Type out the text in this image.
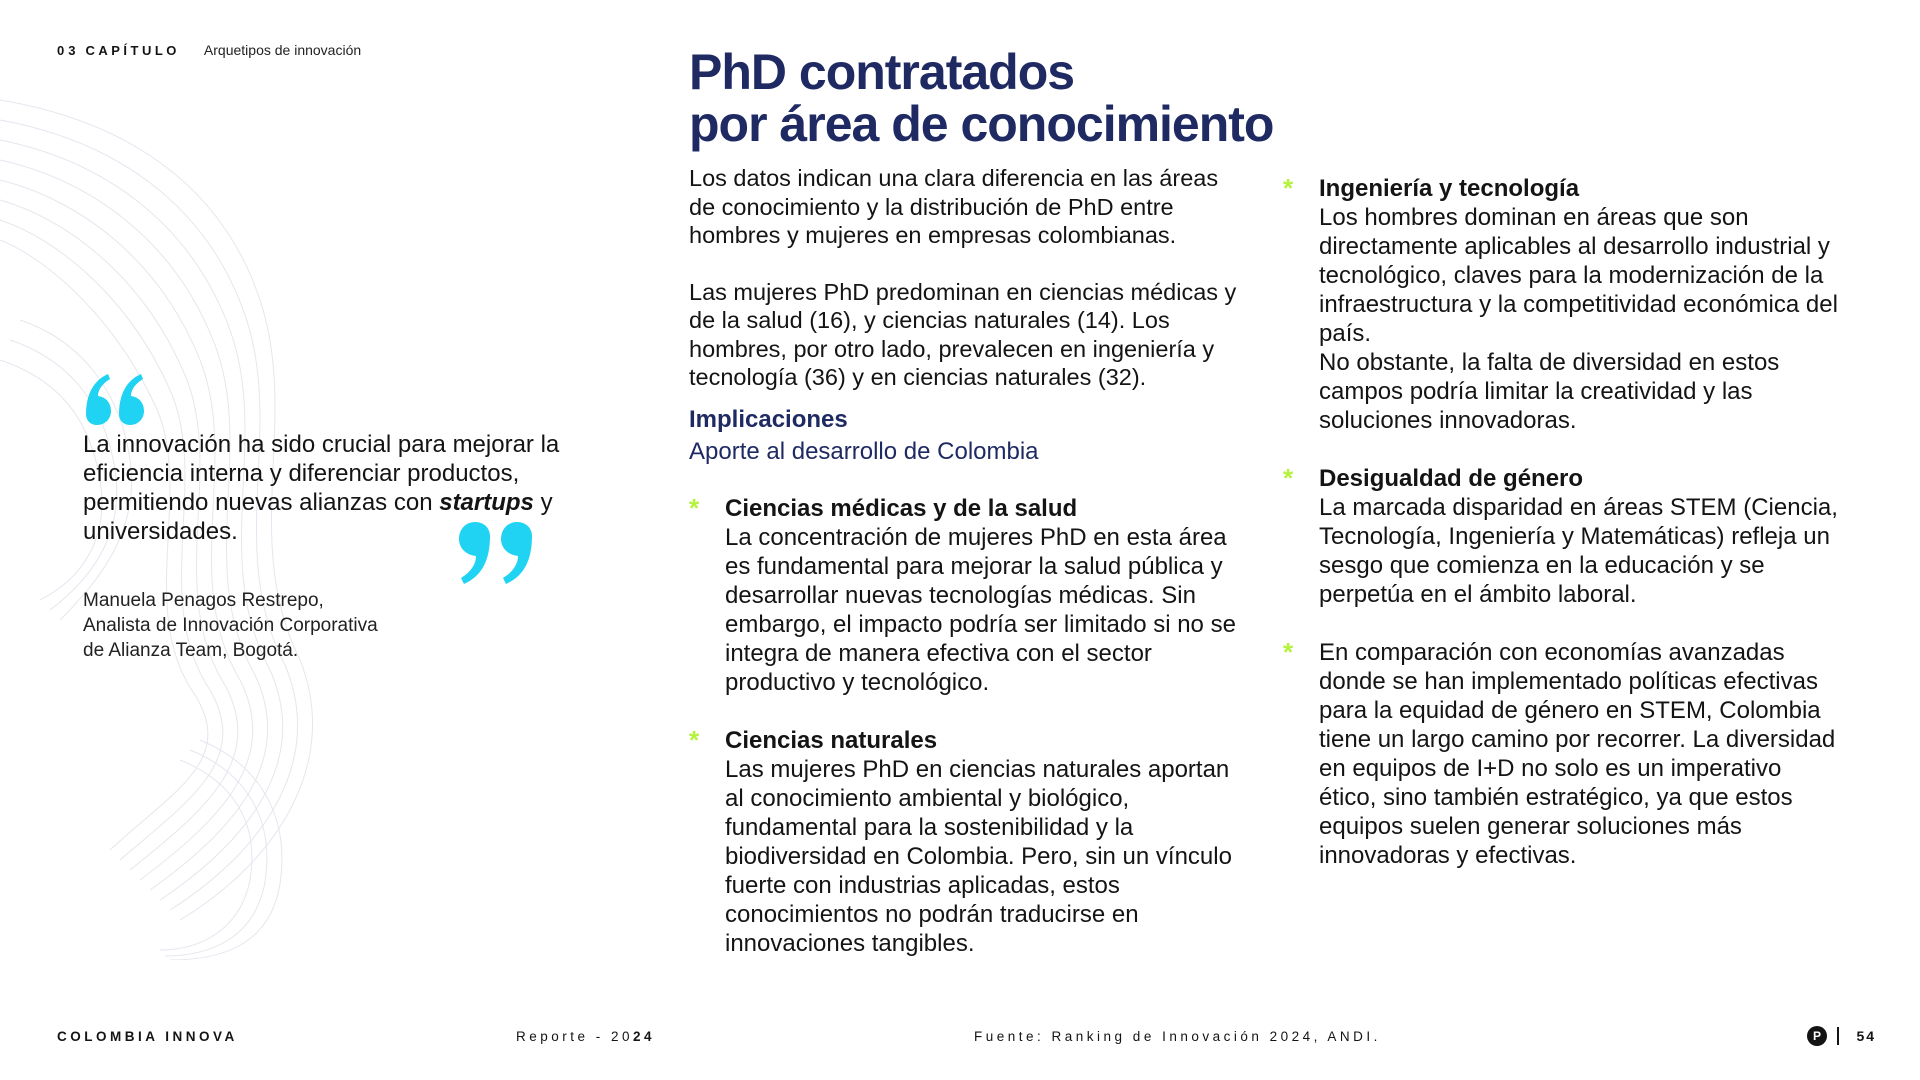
03 CAPÍTULO Arquetipos de innovación
La innovación ha sido crucial para mejorar la eficiencia interna y diferenciar productos, permitiendo nuevas alianzas con startups y universidades.
Manuela Penagos Restrepo,
Analista de Innovación Corporativa
de Alianza Team, Bogotá.
PhD contratados
por área de conocimiento

Los datos indican una clara diferencia en las áreas de conocimiento y la distribución de PhD entre hombres y mujeres en empresas colombianas.

Las mujeres PhD predominan en ciencias médicas y de la salud (16), y ciencias naturales (14). Los hombres, por otro lado, prevalecen en ingeniería y tecnología (36) y en ciencias naturales (32).

Implicaciones
Aporte al desarrollo de Colombia
*	Ciencias médicas y de la salud
La concentración de mujeres PhD en esta área es fundamental para mejorar la salud pública y desarrollar nuevas tecnologías médicas. Sin embargo, el impacto podría ser limitado si no se integra de manera efectiva con el sector productivo y tecnológico.
*	Ciencias naturales
Las mujeres PhD en ciencias naturales aportan al conocimiento ambiental y biológico, fundamental para la sostenibilidad y la biodiversidad en Colombia. Pero, sin un vínculo fuerte con industrias aplicadas, estos conocimientos no podrán traducirse en innovaciones tangibles.
*	Ingeniería y tecnología
Los hombres dominan en áreas que son directamente aplicables al desarrollo industrial y tecnológico, claves para la modernización de la infraestructura y la competitividad económica del país.
No obstante, la falta de diversidad en estos campos podría limitar la creatividad y las soluciones innovadoras.
*	Desigualdad de género
La marcada disparidad en áreas STEM (Ciencia, Tecnología, Ingeniería y Matemáticas) refleja un sesgo que comienza en la educación y se perpetúa en el ámbito laboral.
*	En comparación con economías avanzadas donde se han implementado políticas efectivas para la equidad de género en STEM, Colombia tiene un largo camino por recorrer. La diversidad en equipos de I+D no solo es un imperativo ético, sino también estratégico, ya que estos equipos suelen generar soluciones más innovadoras y efectivas.
COLOMBIA INNOVA	Reporte - 2024	Fuente: Ranking de Innovación 2024, ANDI.	P	54
